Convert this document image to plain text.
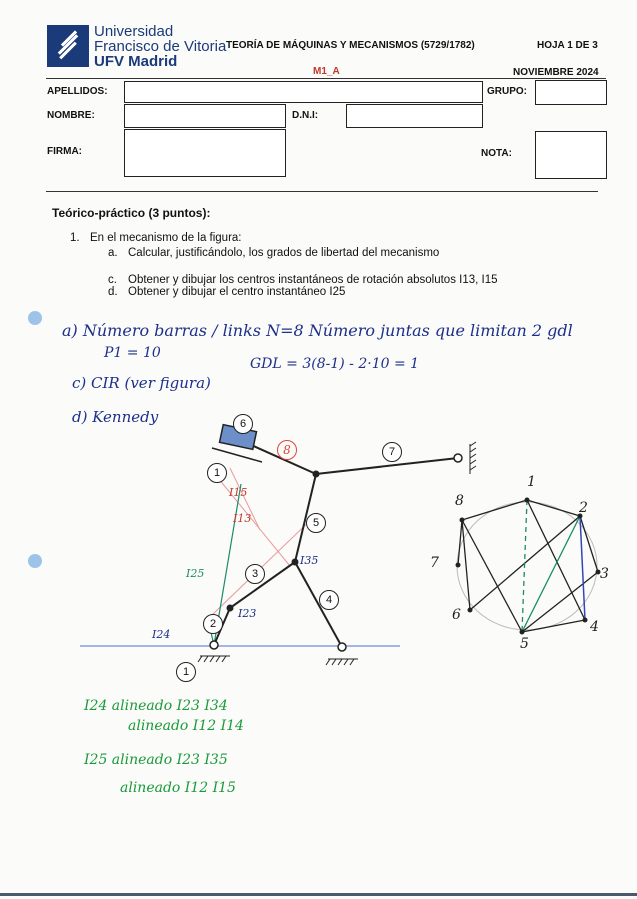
Universidad
Francisco de Vitoria
UFV Madrid
TEORÍA DE MÁQUINAS Y MECANISMOS (5729/1782)	HOJA 1 DE 3
M1_A	NOVIEMBRE 2024
APELLIDOS:	GRUPO:
NOMBRE:	D.N.I:
FIRMA:	NOTA:
Teórico-práctico (3 puntos):
1. En el mecanismo de la figura:
a. Calcular, justificándolo, los grados de libertad del mecanismo
c. Obtener y dibujar los centros instantáneos de rotación absolutos I13, I15
d. Obtener y dibujar el centro instantáneo I25
a) Número barras / links N=8 Número juntas que limitan 2 gdl
P1 = 10
GDL = 3(8-1) - 2·10 = 1
c) CIR (ver figura)
d) Kennedy	6
7
1
5
3
4
2
1
8
I15
I13
I25
I35
I23
I24
1
2
3
4
5
6
7
8
I24 alineado I23 I34
alineado I12 I14
I25 alineado I23 I35
alineado I12 I15
